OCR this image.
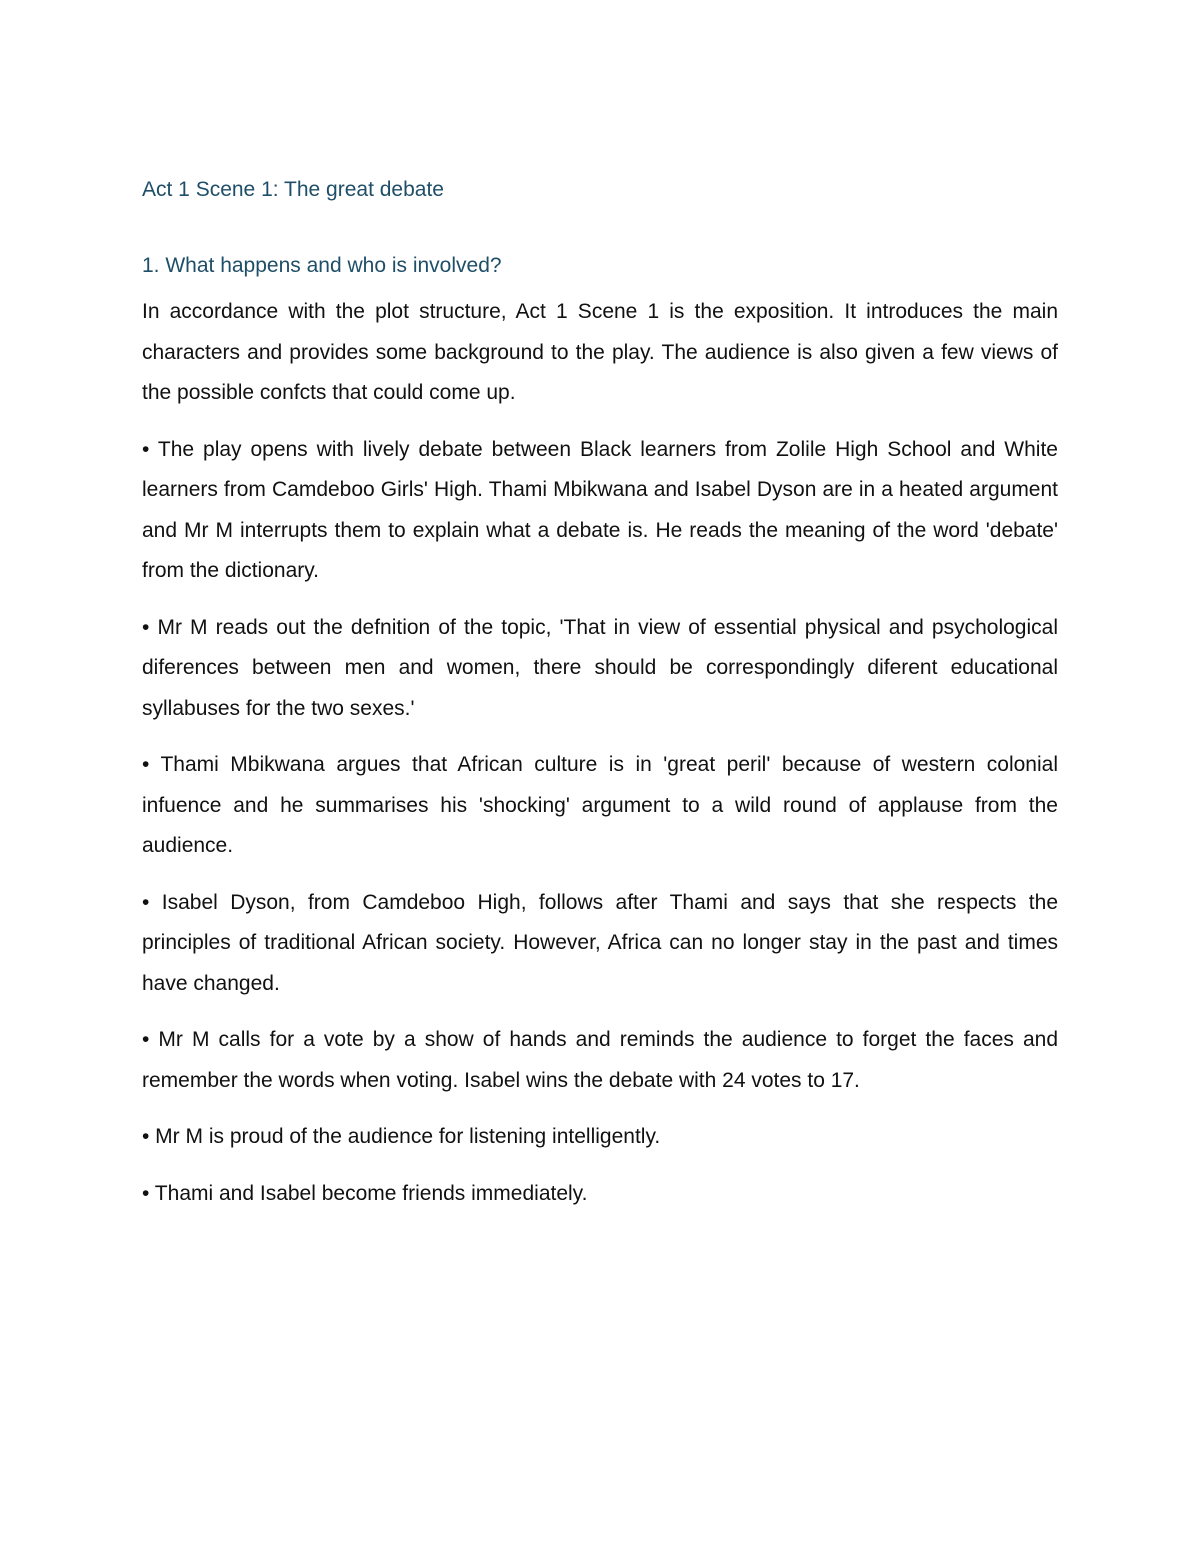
Act 1 Scene 1: The great debate
1. What happens and who is involved?

In accordance with the plot structure, Act 1 Scene 1 is the exposition. It introduces the main characters and provides some background to the play. The audience is also given a few views of the possible confcts that could come up.

• The play opens with lively debate between Black learners from Zolile High School and White learners from Camdeboo Girls' High. Thami Mbikwana and Isabel Dyson are in a heated argument and Mr M interrupts them to explain what a debate is. He reads the meaning of the word 'debate' from the dictionary.

• Mr M reads out the defnition of the topic, 'That in view of essential physical and psychological diferences between men and women, there should be correspondingly diferent educational syllabuses for the two sexes.'

• Thami Mbikwana argues that African culture is in 'great peril' because of western colonial infuence and he summarises his 'shocking' argument to a wild round of applause from the audience.

• Isabel Dyson, from Camdeboo High, follows after Thami and says that she respects the principles of traditional African society. However, Africa can no longer stay in the past and times have changed.

• Mr M calls for a vote by a show of hands and reminds the audience to forget the faces and remember the words when voting. Isabel wins the debate with 24 votes to 17.

• Mr M is proud of the audience for listening intelligently.

• Thami and Isabel become friends immediately.
